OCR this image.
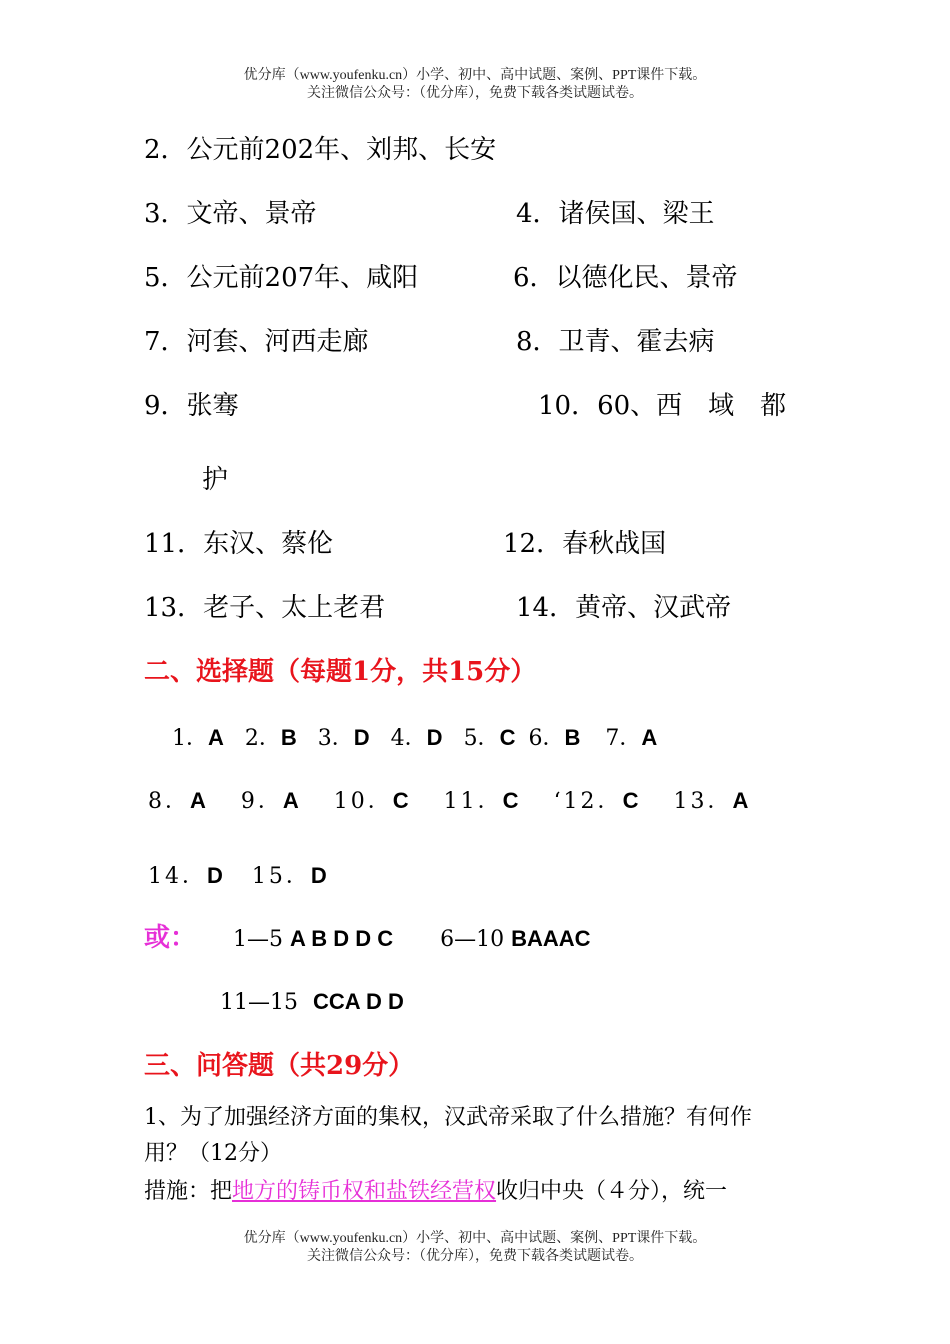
优分库（www.youfenku.cn）小学、初中、高中试题、案例、PPT课件下载。
关注微信公众号：（优分库），免费下载各类试题试卷。
2．公元前202年、刘邦、长安
3．文帝、景帝	4．诸侯国、梁王
5．公元前207年、咸阳	6．以德化民、景帝
7．河套、河西走廊	8．卫青、霍去病
9．张骞	10．60、西　域　都
护
11．东汉、蔡伦	12．春秋战国
13．老子、太上老君	14．黄帝、汉武帝
二、选择题（每题1分，共15分）
1．A 2．B 3．D 4．D 5．C 6．B 7．A
8．A 9．A 10．C 11．C ‘12．C 13．A
14．D 15．D
或： 1—5 A B D D C 6—10 BAAAC
11—15 CCA D D
三、问答题（共29分）
1、为了加强经济方面的集权，汉武帝采取了什么措施？有何作
用？（12分）
措施：把地方的铸币权和盐铁经营权收归中央（４分），统一
优分库（www.youfenku.cn）小学、初中、高中试题、案例、PPT课件下载。
关注微信公众号：（优分库），免费下载各类试题试卷。
